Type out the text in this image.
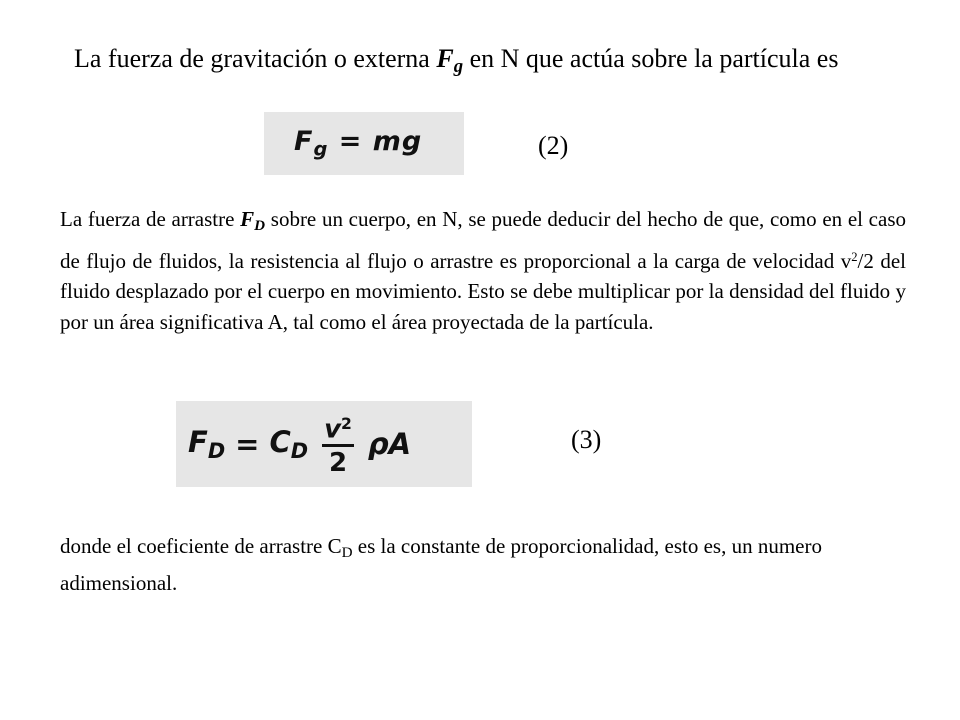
La fuerza de gravitación o externa $F_g$ en N que actúa sobre la partícula es
$F_g$ = mg	(2)
La fuerza de arrastre $F_D$ sobre un cuerpo, en N, se puede deducir del hecho de que, como en el caso de flujo de fluidos, la resistencia al flujo o arrastre es proporcional a la carga de velocidad $v^2/2$ del fluido desplazado por el cuerpo en movimiento. Esto se debe multiplicar por la densidad del fluido y por un área significativa A, tal como el área proyectada de la partícula.
$F_D = C_D \frac{v^2}{2}$ ρA	(3)
donde el coeficiente de arrastre $C_D$ es la constante de proporcionalidad, esto es, un numero adimensional.
